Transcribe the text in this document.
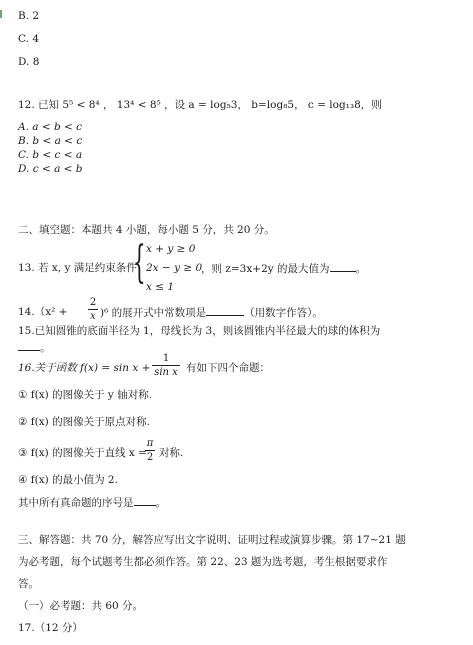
B. 2
C. 4
D. 8
12. 已知 5⁵ < 8⁴ ， 13⁴ < 8⁵ ，设 a = log₅3， b=log₈5， c = log₁₃8，则
A. a < b < c
B. b < a < c
C. b < c < a
D. c < a < b
二、填空题：本题共 4 小题，每小题 5 分，共 20 分。
13. 若 x, y 满足约束条件
{ x + y ≥ 0
2x − y ≥ 0
x ≤ 1
，则 z=3x+2y 的最大值为 。
14.（x² +
2
x )⁶ 的展开式中常数项是	（用数字作答）。
15.已知圆锥的底面半径为 1，母线长为 3，则该圆锥内半径最大的球的体积为
。
16.关于函数 f(x) = sin x +
1
sin x 有如下四个命题：
① f(x) 的图像关于 y 轴对称.
② f(x) 的图像关于原点对称.
③ f(x) 的图像关于直线 x =
π
2 对称.
④ f(x) 的最小值为 2.
其中所有真命题的序号是 。
三、解答题：共 70 分，解答应写出文字说明、证明过程或演算步骤。第 17~21 题
为必考题，每个试题考生都必须作答。第 22、23 题为选考题，考生根据要求作
答。
（一）必考题：共 60 分。
17.（12 分）
